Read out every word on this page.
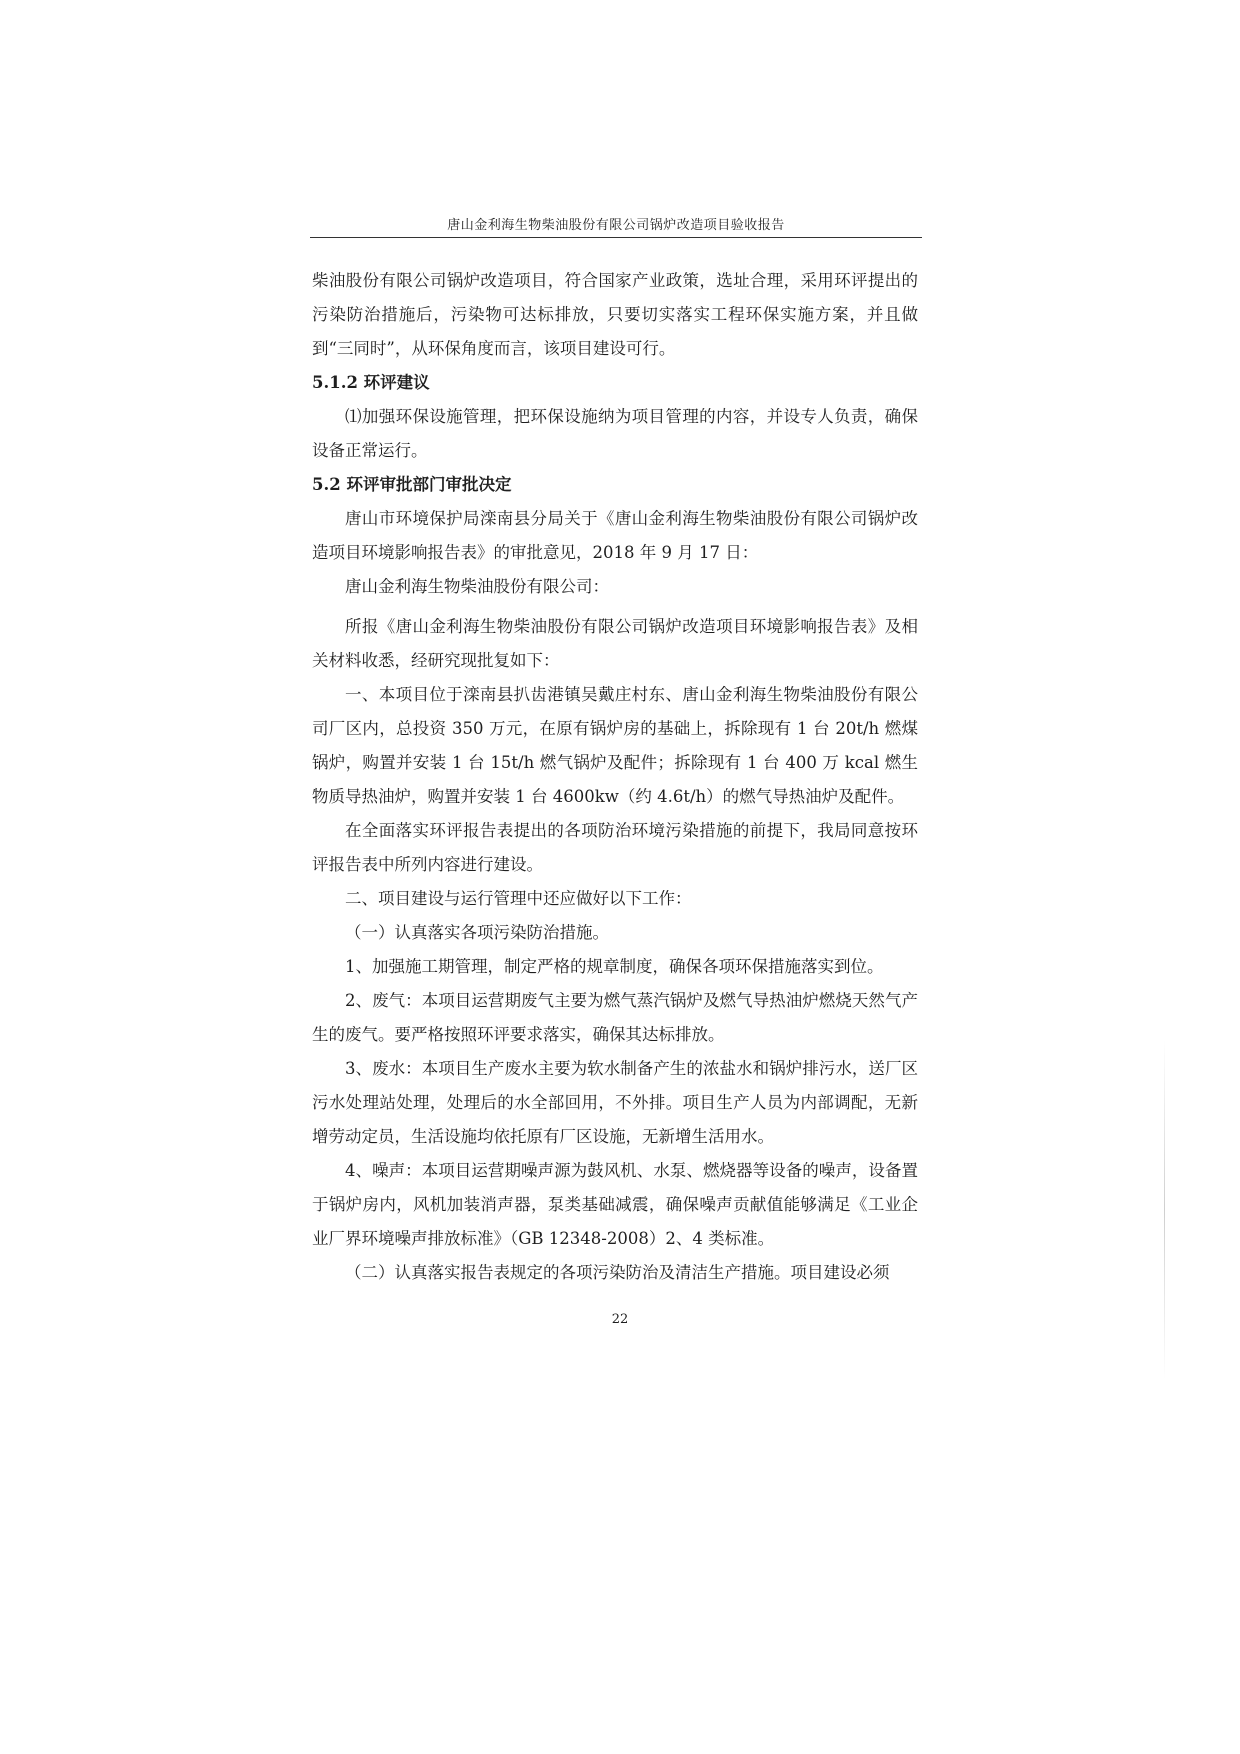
唐山金利海生物柴油股份有限公司锅炉改造项目验收报告

柴油股份有限公司锅炉改造项目，符合国家产业政策，选址合理，采用环评提出的污染防治措施后，污染物可达标排放，只要切实落实工程环保实施方案，并且做到“三同时”，从环保角度而言，该项目建设可行。

5.1.2 环评建议

⑴加强环保设施管理，把环保设施纳为项目管理的内容，并设专人负责，确保设备正常运行。

5.2 环评审批部门审批决定

唐山市环境保护局滦南县分局关于《唐山金利海生物柴油股份有限公司锅炉改造项目环境影响报告表》的审批意见，2018 年 9 月 17 日：

唐山金利海生物柴油股份有限公司：

所报《唐山金利海生物柴油股份有限公司锅炉改造项目环境影响报告表》及相关材料收悉，经研究现批复如下：

一、本项目位于滦南县扒齿港镇吴戴庄村东、唐山金利海生物柴油股份有限公司厂区内，总投资 350 万元，在原有锅炉房的基础上，拆除现有 1 台 20t/h 燃煤锅炉，购置并安装 1 台 15t/h 燃气锅炉及配件；拆除现有 1 台 400 万 kcal 燃生物质导热油炉，购置并安装 1 台 4600kw（约 4.6t/h）的燃气导热油炉及配件。

在全面落实环评报告表提出的各项防治环境污染措施的前提下，我局同意按环评报告表中所列内容进行建设。

二、项目建设与运行管理中还应做好以下工作：

（一）认真落实各项污染防治措施。

1、加强施工期管理，制定严格的规章制度，确保各项环保措施落实到位。

2、废气：本项目运营期废气主要为燃气蒸汽锅炉及燃气导热油炉燃烧天然气产生的废气。要严格按照环评要求落实，确保其达标排放。

3、废水：本项目生产废水主要为软水制备产生的浓盐水和锅炉排污水，送厂区污水处理站处理，处理后的水全部回用，不外排。项目生产人员为内部调配，无新增劳动定员，生活设施均依托原有厂区设施，无新增生活用水。

4、噪声：本项目运营期噪声源为鼓风机、水泵、燃烧器等设备的噪声，设备置于锅炉房内，风机加装消声器，泵类基础减震，确保噪声贡献值能够满足《工业企业厂界环境噪声排放标准》（GB 12348-2008）2、4 类标准。

（二）认真落实报告表规定的各项污染防治及清洁生产措施。项目建设必须

22
